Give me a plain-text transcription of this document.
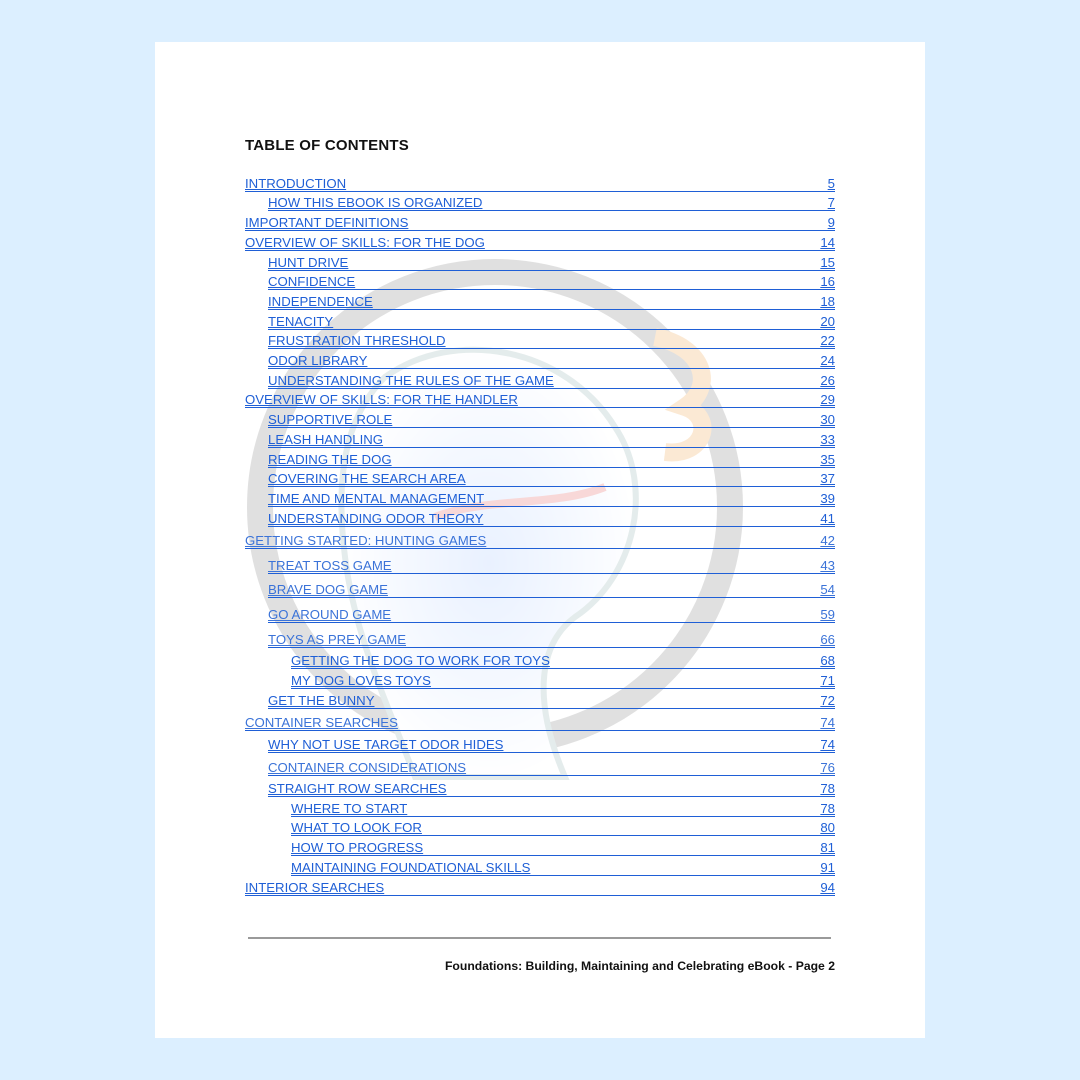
TABLE OF CONTENTS
INTRODUCTION	5
HOW THIS EBOOK IS ORGANIZED	7
IMPORTANT DEFINITIONS	9
OVERVIEW OF SKILLS: FOR THE DOG	14
HUNT DRIVE	15
CONFIDENCE	16
INDEPENDENCE	18
TENACITY	20
FRUSTRATION THRESHOLD	22
ODOR LIBRARY	24
UNDERSTANDING THE RULES OF THE GAME	26
OVERVIEW OF SKILLS: FOR THE HANDLER	29
SUPPORTIVE ROLE	30
LEASH HANDLING	33
READING THE DOG	35
COVERING THE SEARCH AREA	37
TIME AND MENTAL MANAGEMENT	39
UNDERSTANDING ODOR THEORY	41
GETTING STARTED: HUNTING GAMES	42
TREAT TOSS GAME	43
BRAVE DOG GAME	54
GO AROUND GAME	59
TOYS AS PREY GAME	66
GETTING THE DOG TO WORK FOR TOYS	68
MY DOG LOVES TOYS	71
GET THE BUNNY	72
CONTAINER SEARCHES	74
WHY NOT USE TARGET ODOR HIDES	74
CONTAINER CONSIDERATIONS	76
STRAIGHT ROW SEARCHES	78
WHERE TO START	78
WHAT TO LOOK FOR	80
HOW TO PROGRESS	81
MAINTAINING FOUNDATIONAL SKILLS	91
INTERIOR SEARCHES	94
Foundations: Building, Maintaining and Celebrating eBook - Page 2
